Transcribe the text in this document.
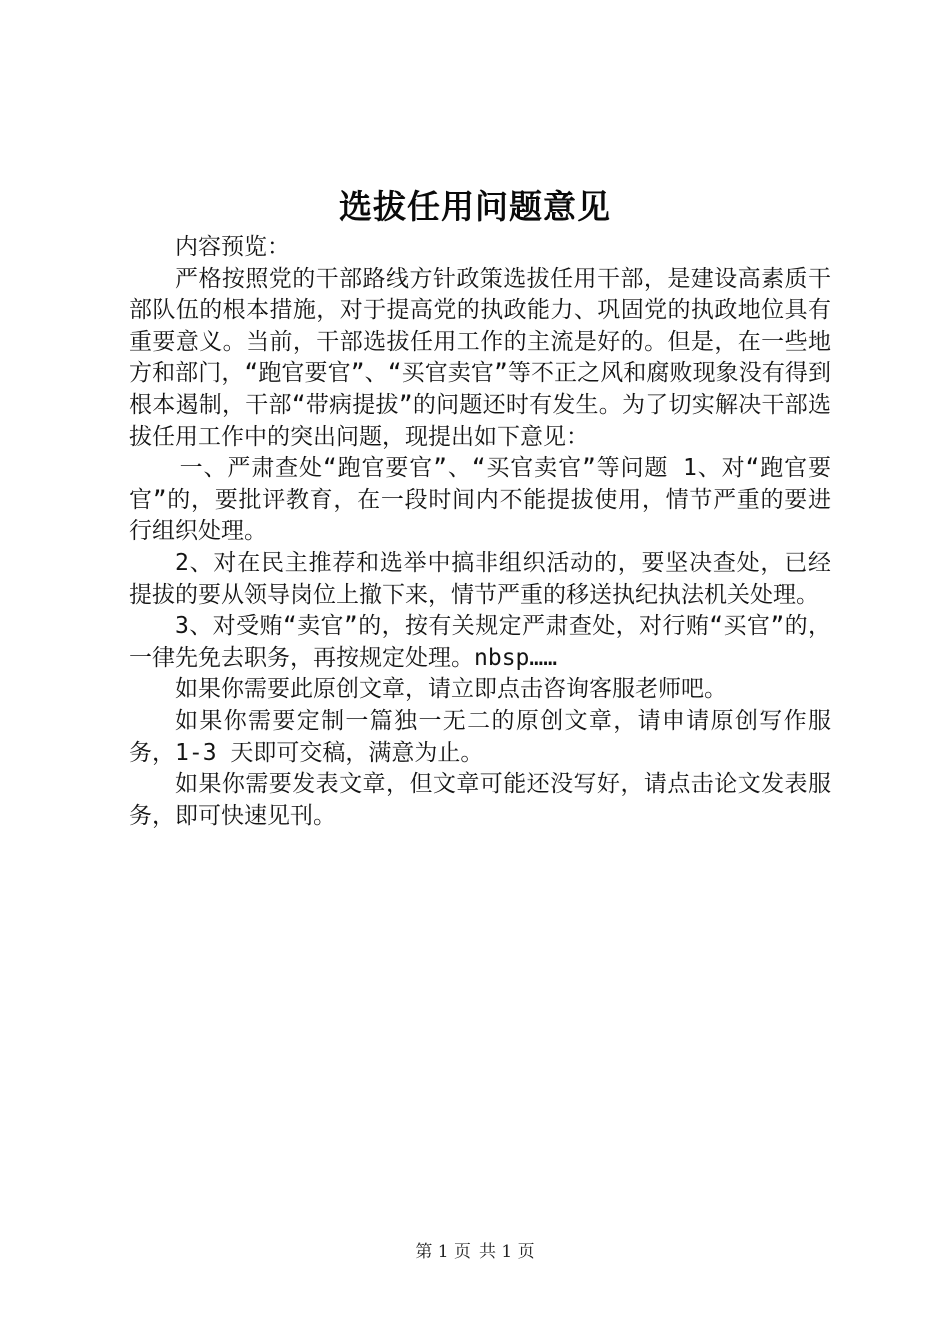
选拔任用问题意见

内容预览：

严格按照党的干部路线方针政策选拔任用干部，是建设高素质干部队伍的根本措施，对于提高党的执政能力、巩固党的执政地位具有重要意义。当前，干部选拔任用工作的主流是好的。但是，在一些地方和部门，“跑官要官”、“买官卖官”等不正之风和腐败现象没有得到根本遏制，干部“带病提拔”的问题还时有发生。为了切实解决干部选拔任用工作中的突出问题，现提出如下意见：

一、严肃查处“跑官要官”、“买官卖官”等问题 1、对“跑官要官”的，要批评教育，在一段时间内不能提拔使用，情节严重的要进行组织处理。

2、对在民主推荐和选举中搞非组织活动的，要坚决查处，已经提拔的要从领导岗位上撤下来，情节严重的移送执纪执法机关处理。

3、对受贿“卖官”的，按有关规定严肃查处，对行贿“买官”的，一律先免去职务，再按规定处理。nbsp……

如果你需要此原创文章，请立即点击咨询客服老师吧。

如果你需要定制一篇独一无二的原创文章，请申请原创写作服务，1-3 天即可交稿，满意为止。

如果你需要发表文章，但文章可能还没写好，请点击论文发表服务，即可快速见刊。

第 1 页 共 1 页
